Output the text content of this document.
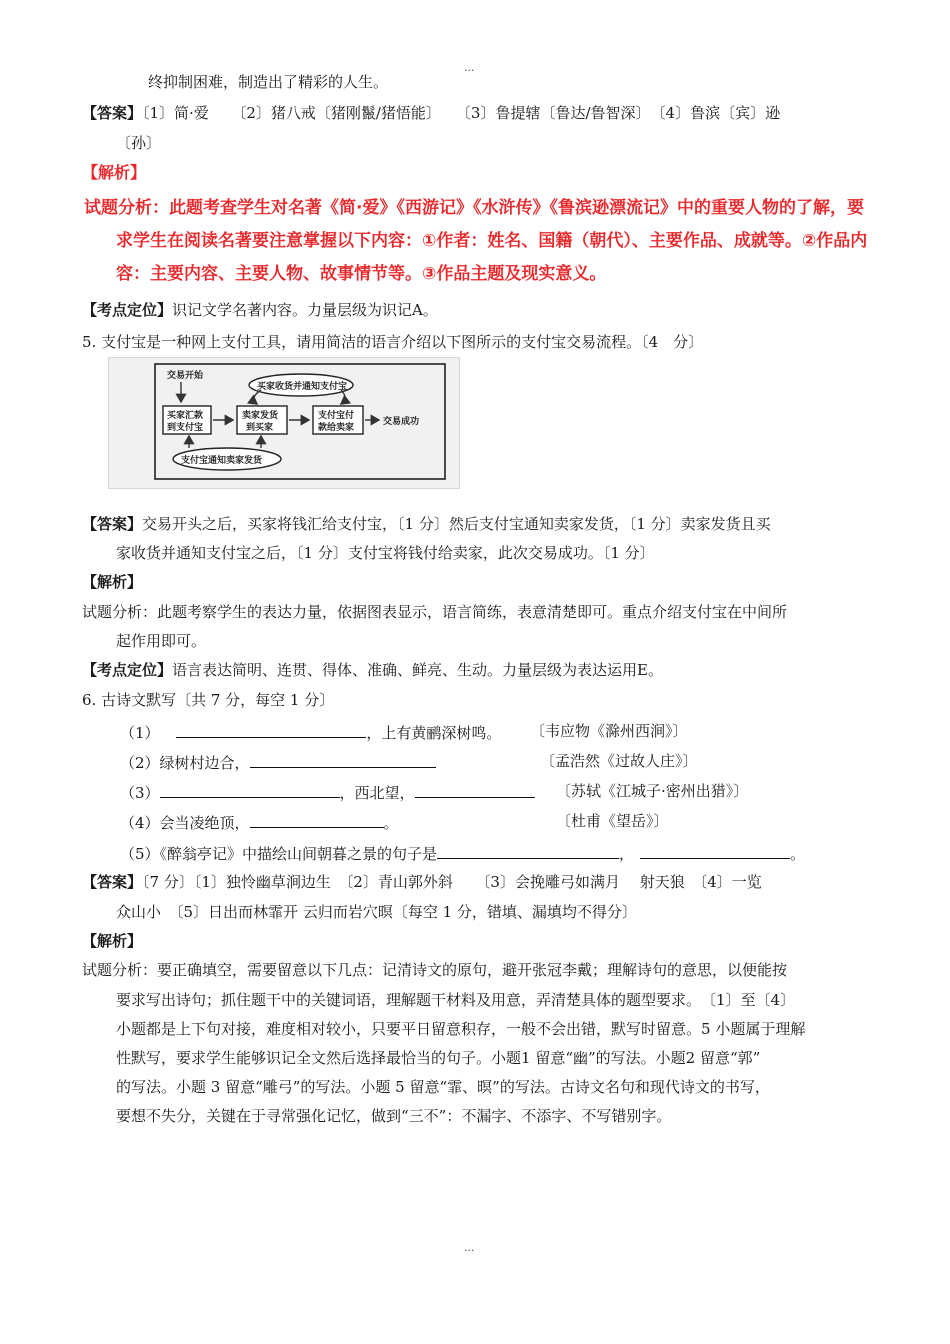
...
终抑制困难，制造出了精彩的人生。
【答案】〔1〕简·爱　　〔2〕猪八戒〔猪刚鬣/猪悟能〕　　〔3〕鲁提辖〔鲁达/鲁智深〕　〔4〕鲁滨〔宾〕逊
〔孙〕
【解析】
试题分析：此题考查学生对名著《简·爱》《西游记》《水浒传》《鲁滨逊漂流记》中的重要人物的了解，要
求学生在阅读名著要注意掌握以下内容：①作者：姓名、国籍（朝代）、主要作品、成就等。②作品内
容：主要内容、主要人物、故事情节等。③作品主题及现实意义。
【考点定位】识记文学名著内容。力量层级为识记A。
5. 支付宝是一种网上支付工具，请用简洁的语言介绍以下图所示的支付宝交易流程。〔4　分〕
交易开始
买家汇款
到支付宝
卖家发货
到买家
支付宝付
款给卖家
交易成功
买家收货并通知支付宝
支付宝通知卖家发货
【答案】交易开头之后，买家将钱汇给支付宝，〔1 分〕然后支付宝通知卖家发货，〔1 分〕卖家发货且买
家收货并通知支付宝之后，〔1 分〕支付宝将钱付给卖家，此次交易成功。〔1 分〕
【解析】
试题分析：此题考察学生的表达力量，依据图表显示，语言简练，表意清楚即可。重点介绍支付宝在中间所
起作用即可。
【考点定位】语言表达简明、连贯、得体、准确、鲜亮、生动。力量层级为表达运用E。
6. 古诗文默写〔共 7 分，每空 1 分〕
（1）	，上有黄鹂深树鸣。 〔韦应物《滁州西涧》〕
（2）绿树村边合，	〔孟浩然《过故人庄》〕
（3）	，西北望，	〔苏轼《江城子·密州出猎》〕
（4）会当凌绝顶，	。	〔杜甫《望岳》〕
（5）《醉翁亭记》中描绘山间朝暮之景的句子是	，	。
【答案】〔7 分〕〔1〕独怜幽草涧边生　〔2〕青山郭外斜　　〔3〕会挽雕弓如满月　 射天狼　〔4〕一览
众山小　〔5〕日出而林霏开 云归而岩穴暝〔每空 1 分，错填、漏填均不得分〕
【解析】
试题分析：要正确填空，需要留意以下几点：记清诗文的原句，避开张冠李戴；理解诗句的意思，以便能按
要求写出诗句；抓住题干中的关键词语，理解题干材料及用意，弄清楚具体的题型要求。　〔1〕至〔4〕
小题都是上下句对接，难度相对较小，只要平日留意积存，一般不会出错，默写时留意。5 小题属于理解
性默写，要求学生能够识记全文然后选择最恰当的句子。小题1 留意“幽”的写法。小题2 留意“郭”
的写法。小题 3 留意“雕弓”的写法。小题 5 留意“霏、暝”的写法。古诗文名句和现代诗文的书写，
要想不失分，关键在于寻常强化记忆，做到“三不”：不漏字、不添字、不写错别字。
...
